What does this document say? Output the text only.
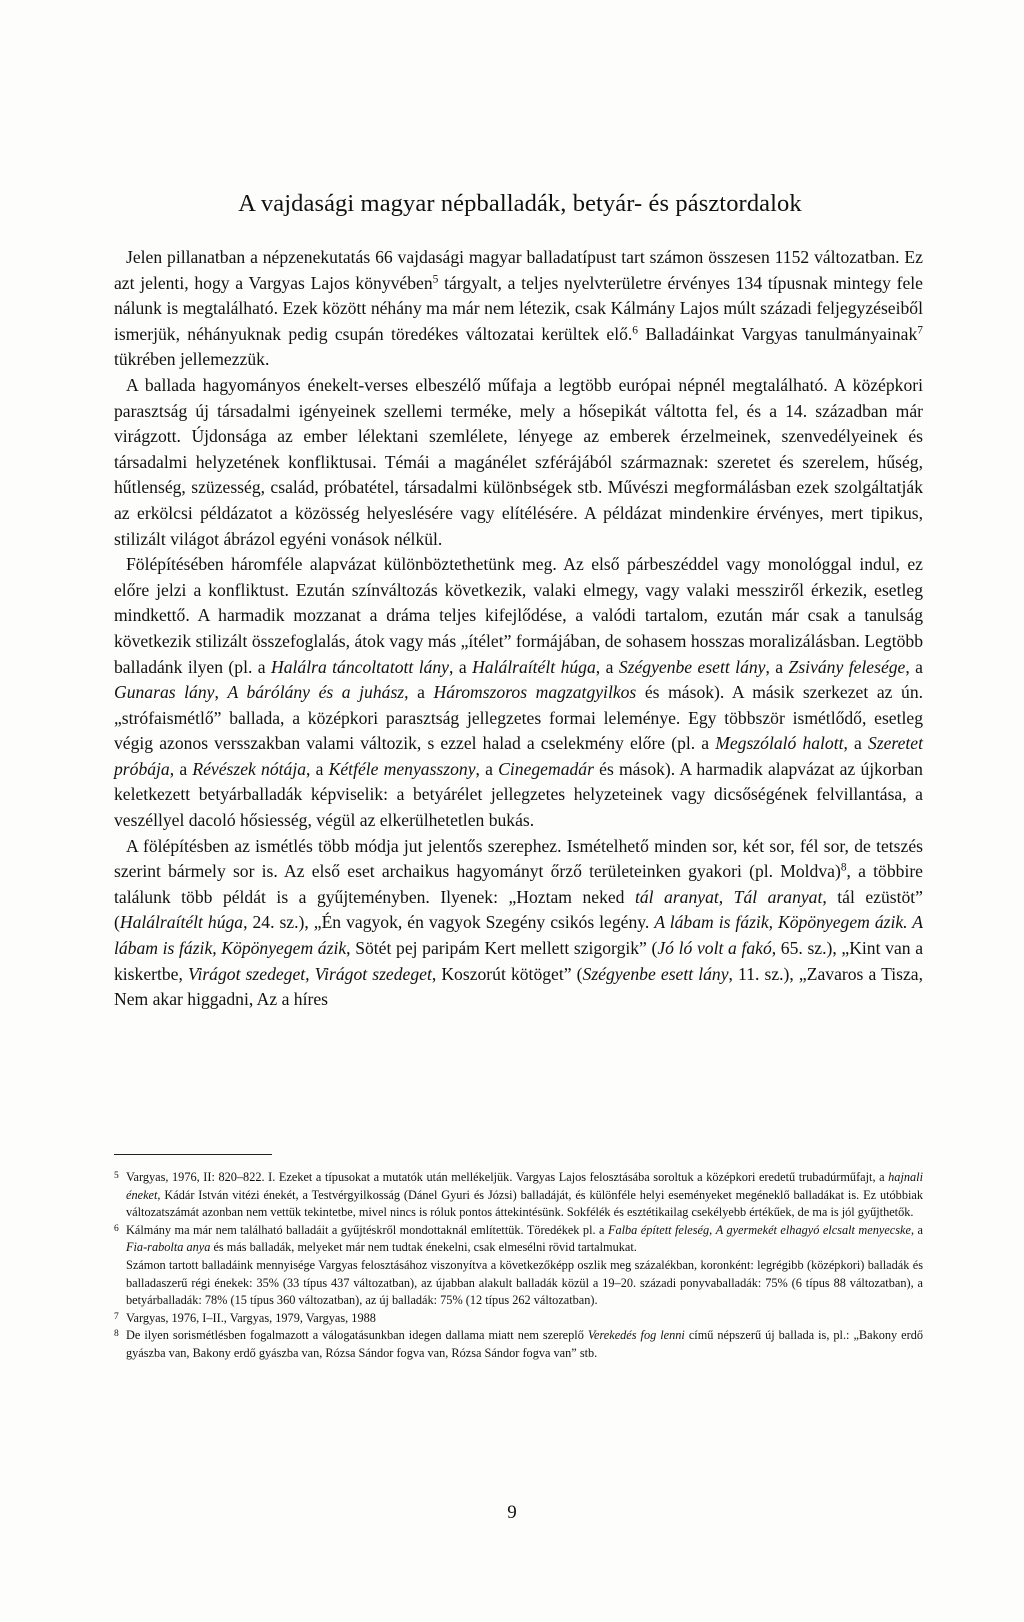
A vajdasági magyar népballadák, betyár- és pásztordalok

Jelen pillanatban a népzenekutatás 66 vajdasági magyar balladatípust tart számon összesen 1152 változatban. Ez azt jelenti, hogy a Vargyas Lajos könyvében$^5$ tárgyalt, a teljes nyelvterületre érvényes 134 típusnak mintegy fele nálunk is megtalálható. Ezek között néhány ma már nem létezik, csak Kálmány Lajos múlt századi feljegyzéseiből ismerjük, néhányuknak pedig csupán töredékes változatai kerültek elő.$^6$ Balladáinkat Vargyas tanulmányainak$^7$ tükrében jellemezzük.

A ballada hagyományos énekelt-verses elbeszélő műfaja a legtöbb európai népnél megtalálható. A középkori parasztság új társadalmi igényeinek szellemi terméke, mely a hősepikát váltotta fel, és a 14. században már virágzott. Újdonsága az ember lélektani szemlélete, lényege az emberek érzelmeinek, szenvedélyeinek és társadalmi helyzetének konfliktusai. Témái a magánélet szférájából származnak: szeretet és szerelem, hűség, hűtlenség, szüzesség, család, próbatétel, társadalmi különbségek stb. Művészi megformálásban ezek szolgáltatják az erkölcsi példázatot a közösség helyeslésére vagy elítélésére. A példázat mindenkire érvényes, mert tipikus, stilizált világot ábrázol egyéni vonások nélkül.

Fölépítésében háromféle alapvázat különböztethetünk meg. Az első párbeszéddel vagy monológgal indul, ez előre jelzi a konfliktust. Ezután színváltozás következik, valaki elmegy, vagy valaki messziről érkezik, esetleg mindkettő. A harmadik mozzanat a dráma teljes kifejlődése, a valódi tartalom, ezután már csak a tanulság következik stilizált összefoglalás, átok vagy más „ítélet” formájában, de sohasem hosszas moralizálásban. Legtöbb balladánk ilyen (pl. a Halálra táncoltatott lány, a Halálraítélt húga, a Szégyenbe esett lány, a Zsivány felesége, a Gunaras lány, A bárólány és a juhász, a Háromszoros magzatgyilkos és mások). A másik szerkezet az ún. „strófaismétlő” ballada, a középkori parasztság jellegzetes formai leleménye. Egy többször ismétlődő, esetleg végig azonos versszakban valami változik, s ezzel halad a cselekmény előre (pl. a Megszólaló halott, a Szeretet próbája, a Révészek nótája, a Kétféle menyasszony, a Cinegemadár és mások). A harmadik alapvázat az újkorban keletkezett betyárballadák képviselik: a betyárélet jellegzetes helyzeteinek vagy dicsőségének felvillantása, a veszéllyel dacoló hősiesség, végül az elkerülhetetlen bukás.

A fölépítésben az ismétlés több módja jut jelentős szerephez. Ismételhető minden sor, két sor, fél sor, de tetszés szerint bármely sor is. Az első eset archaikus hagyományt őrző területeinken gyakori (pl. Moldva)$^8$, a többire találunk több példát is a gyűjteményben. Ilyenek: „Hoztam neked tál aranyat, Tál aranyat, tál ezüstöt” (Halálraítélt húga, 24. sz.), „Én vagyok, én vagyok Szegény csikós legény. A lábam is fázik, Köpönyegem ázik. A lábam is fázik, Köpönyegem ázik, Sötét pej paripám Kert mellett szigorgik” (Jó ló volt a fakó, 65. sz.), „Kint van a kiskertbe, Virágot szedeget, Virágot szedeget, Koszorút kötöget” (Szégyenbe esett lány, 11. sz.), „Zavaros a Tisza, Nem akar higgadni, Az a híres

5 Vargyas, 1976, II: 820–822. I. Ezeket a típusokat a mutatók után mellékeljük. Vargyas Lajos felosztásába soroltuk a középkori eredetű trubadúrműfajt, a hajnali éneket, Kádár István vitézi énekét, a Testvérgyilkosság (Dánel Gyuri és Józsi) balladáját, és különféle helyi eseményeket megéneklő balladákat is. Ez utóbbiak változatszámát azonban nem vettük tekintetbe, mivel nincs is róluk pontos áttekintésünk. Sokfélék és esztétikailag csekélyebb értékűek, de ma is jól gyűjthetők.
6 Kálmány ma már nem található balladáit a gyűjtéskről mondottaknál említettük. Töredékek pl. a Falba épített feleség, A gyermekét elhagyó elcsalt menyecske, a Fia-rabolta anya és más balladák, melyeket már nem tudtak énekelni, csak elmesélni rövid tartalmukat.
Számon tartott balladáink mennyisége Vargyas felosztásához viszonyítva a következőképp oszlik meg százalékban, koronként: legrégibb (középkori) balladák és balladaszerű régi énekek: 35% (33 típus 437 változatban), az újabban alakult balladák közül a 19–20. századi ponyvaballadák: 75% (6 típus 88 változatban), a betyárballadák: 78% (15 típus 360 változatban), az új balladák: 75% (12 típus 262 változatban).
7 Vargyas, 1976, I–II., Vargyas, 1979, Vargyas, 1988
8 De ilyen sorismétlésben fogalmazott a válogatásunkban idegen dallama miatt nem szereplő Verekedés fog lenni című népszerű új ballada is, pl.: „Bakony erdő gyászba van, Bakony erdő gyászba van, Rózsa Sándor fogva van, Rózsa Sándor fogva van” stb.
9
